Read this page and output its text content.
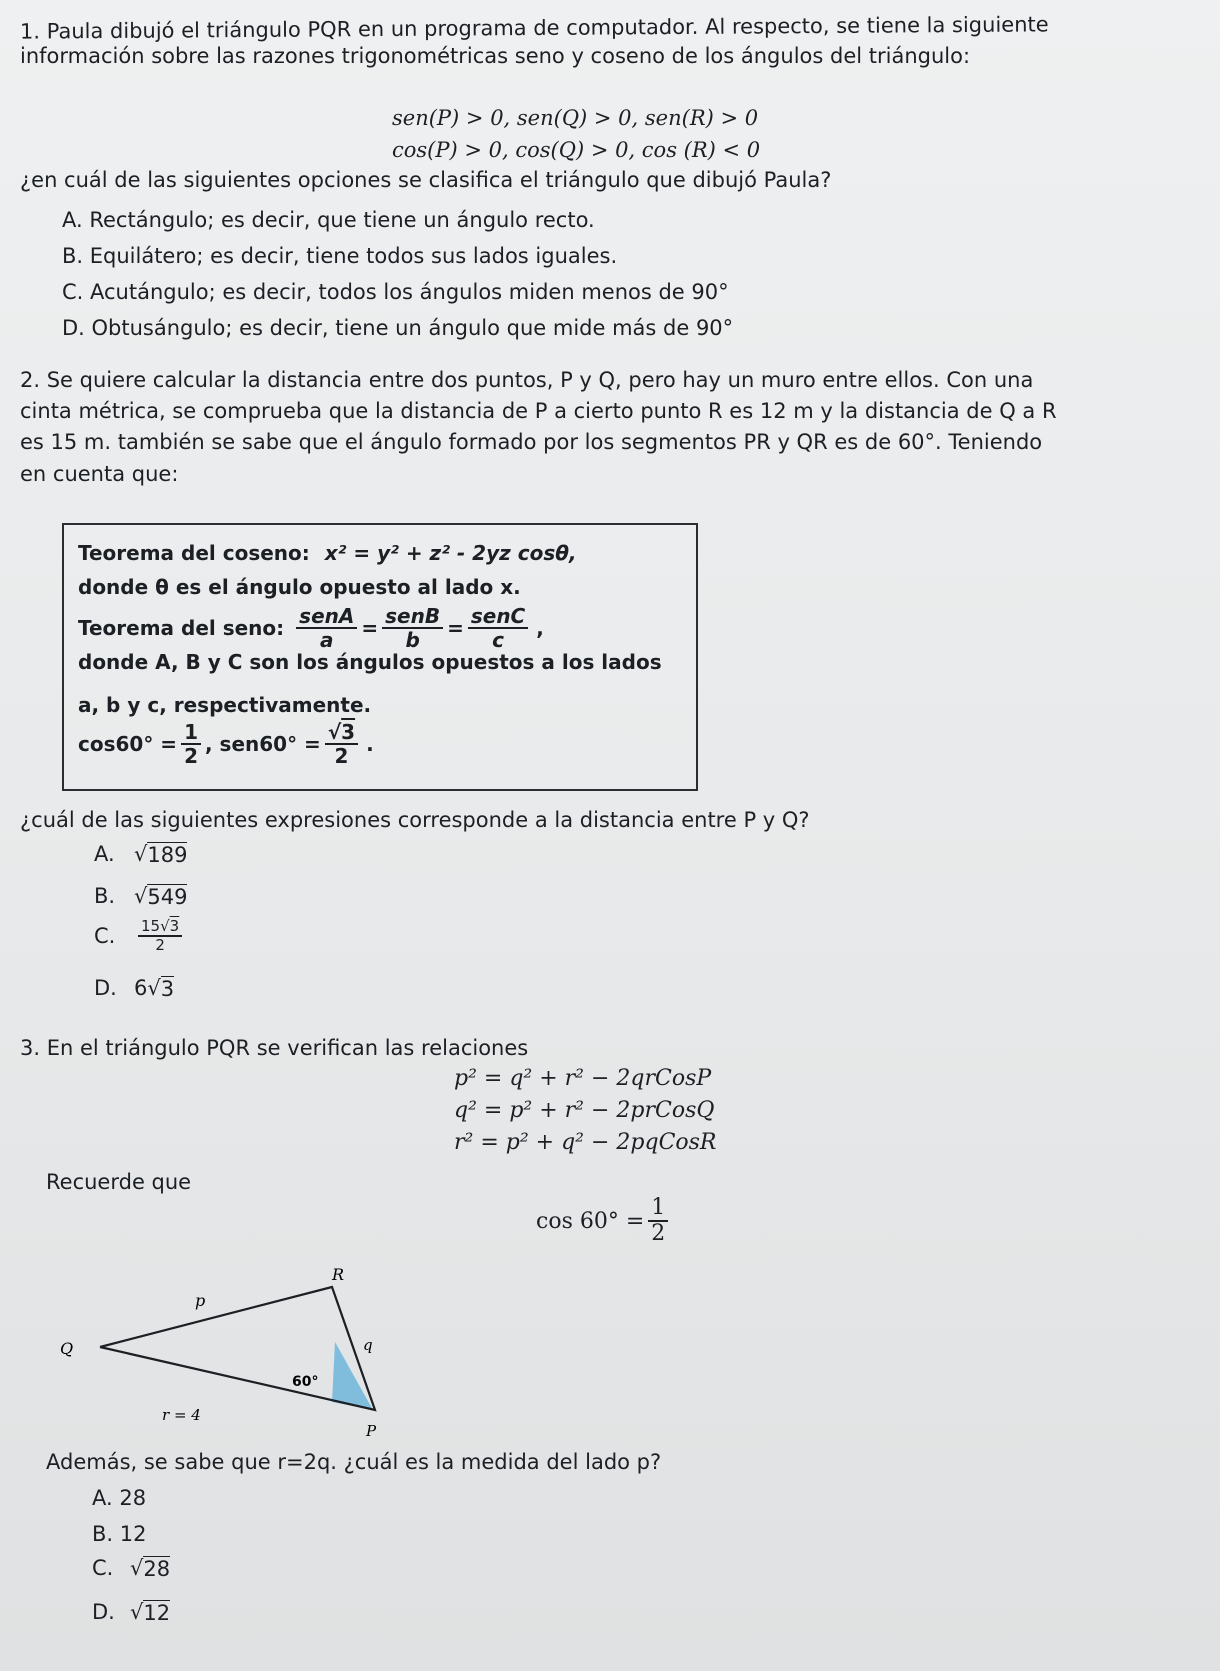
1. Paula dibujó el triángulo PQR en un programa de computador. Al respecto, se tiene la siguiente
información sobre las razones trigonométricas seno y coseno de los ángulos del triángulo:
sen(P) > 0, sen(Q) > 0, sen(R) > 0
cos(P) > 0, cos(Q) > 0, cos (R) < 0
¿en cuál de las siguientes opciones se clasifica el triángulo que dibujó Paula?
A. Rectángulo; es decir, que tiene un ángulo recto.
B. Equilátero; es decir, tiene todos sus lados iguales.
C. Acutángulo; es decir, todos los ángulos miden menos de 90°
D. Obtusángulo; es decir, tiene un ángulo que mide más de 90°
2. Se quiere calcular la distancia entre dos puntos, P y Q, pero hay un muro entre ellos. Con una
cinta métrica, se comprueba que la distancia de P a cierto punto R es 12 m y la distancia de Q a R
es 15 m. también se sabe que el ángulo formado por los segmentos PR y QR es de 60°. Teniendo
en cuenta que:
Teorema del coseno: x² = y² + z² - 2yz cosθ,
donde θ es el ángulo opuesto al lado x.
Teorema del seno: $\frac{\text{senA}}{a} = \frac{\text{senB}}{b} = \frac{\text{senC}}{c}$ ,
donde A, B y C son los ángulos opuestos a los lados
a, b y c, respectivamente.
$\cos 60^\circ = \frac{1}{2}$ , $sen60^\circ = \frac{√3}{2}$ .
¿cuál de las siguientes expresiones corresponde a la distancia entre P y Q?
A. √ 189
B. √ 549
C.	$\frac{15√3}{2}$
D. 6 √ 3
3. En el triángulo PQR se verifican las relaciones
p² = q² + r² − 2qrCosP
q² = p² + r² − 2prCosQ
r² = p² + q² − 2pqCosR
Recuerde que
$\cos 60^\circ = \frac{1}{2}$
R
Q
P
p
q
r = 4
60°
Además, se sabe que r=2q. ¿cuál es la medida del lado p?
A. 28
B. 12
C. √ 28
D. √ 12
